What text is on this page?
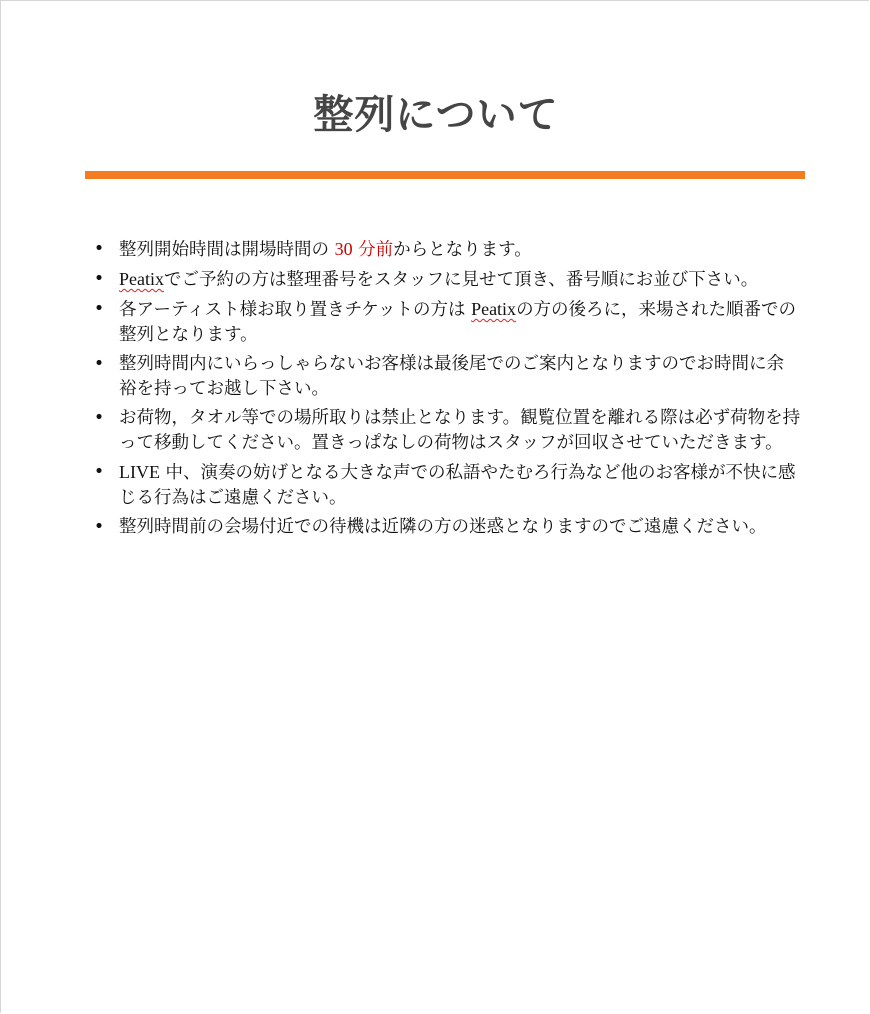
整列について
• 整列開始時間は開場時間の 30 分前からとなります。
• Peatixでご予約の方は整理番号をスタッフに見せて頂き、番号順にお並び下さい。
• 各アーティスト様お取り置きチケットの方は Peatixの方の後ろに，来場された順番での整列となります。
• 整列時間内にいらっしゃらないお客様は最後尾でのご案内となりますのでお時間に余裕を持ってお越し下さい。
• お荷物，タオル等での場所取りは禁止となります。観覧位置を離れる際は必ず荷物を持って移動してください。置きっぱなしの荷物はスタッフが回収させていただきます。
• LIVE 中、演奏の妨げとなる大きな声での私語やたむろ行為など他のお客様が不快に感じる行為はご遠慮ください。
• 整列時間前の会場付近での待機は近隣の方の迷惑となりますのでご遠慮ください。
